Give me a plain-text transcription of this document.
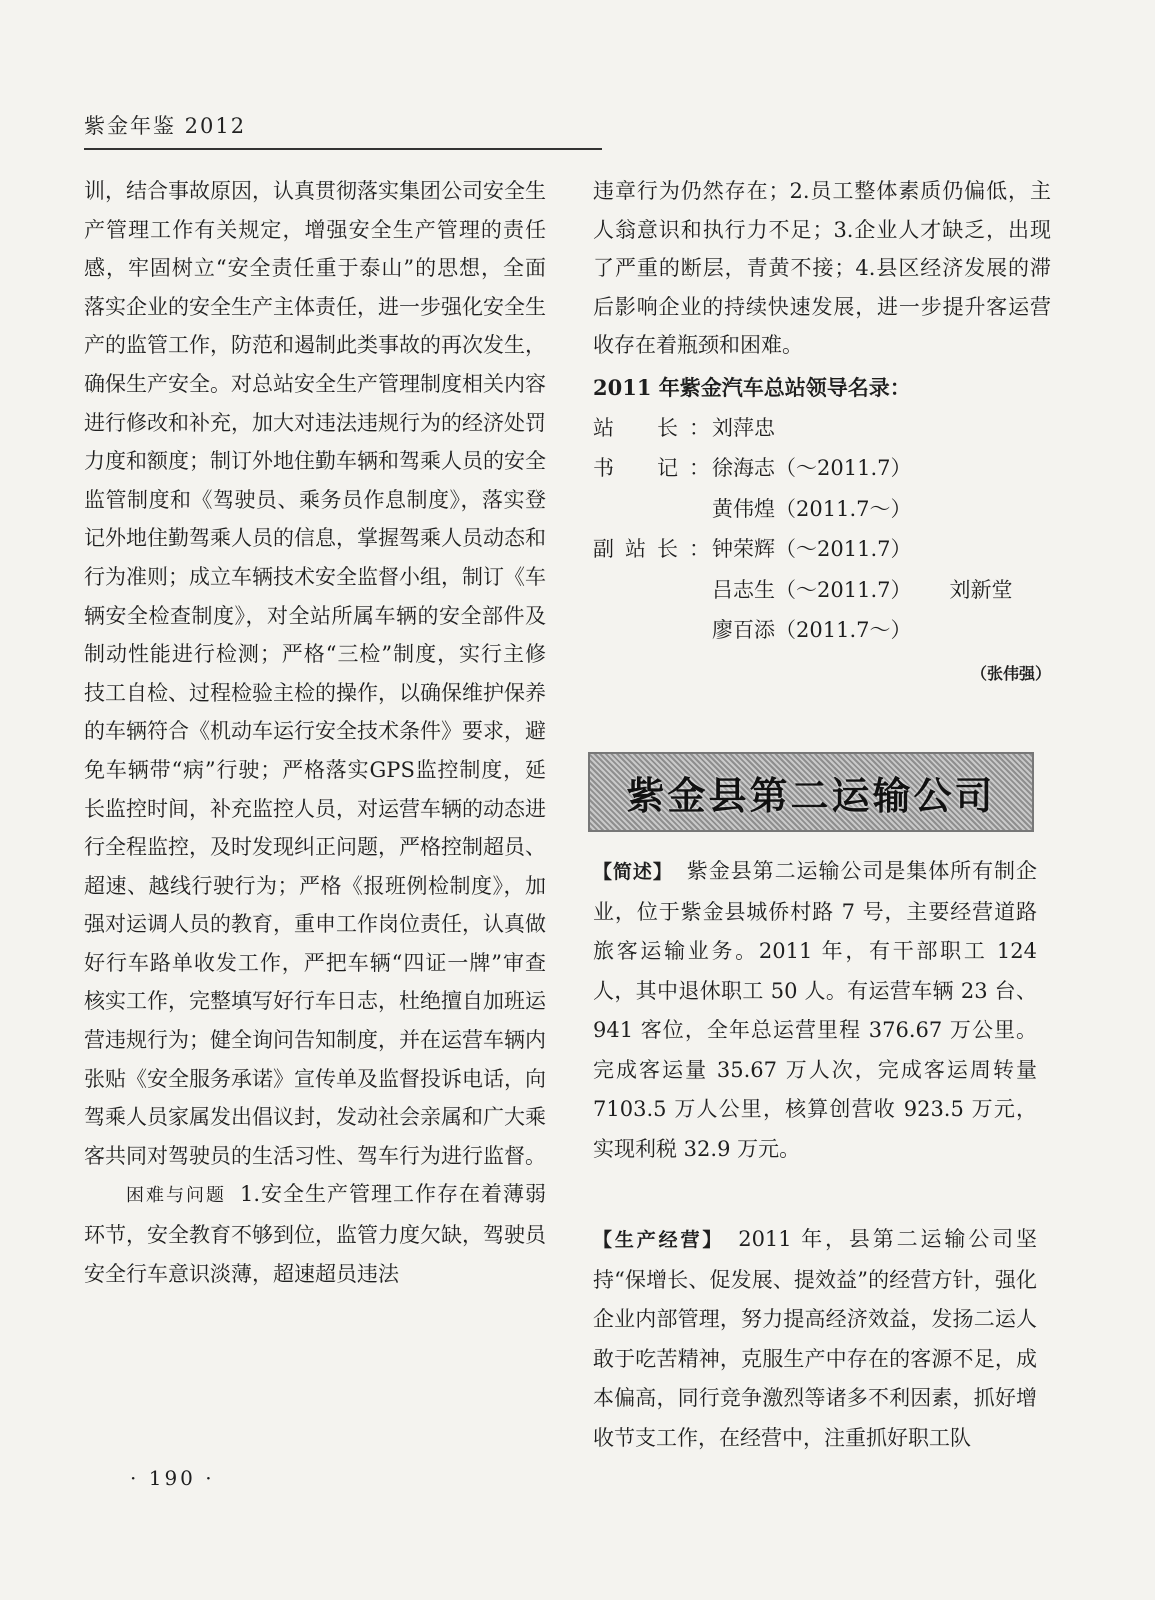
紫金年鉴 2012

训，结合事故原因，认真贯彻落实集团公司安全生产管理工作有关规定，增强安全生产管理的责任感，牢固树立“安全责任重于泰山”的思想，全面落实企业的安全生产主体责任，进一步强化安全生产的监管工作，防范和遏制此类事故的再次发生，确保生产安全。对总站安全生产管理制度相关内容进行修改和补充，加大对违法违规行为的经济处罚力度和额度；制订外地住勤车辆和驾乘人员的安全监管制度和《驾驶员、乘务员作息制度》，落实登记外地住勤驾乘人员的信息，掌握驾乘人员动态和行为准则；成立车辆技术安全监督小组，制订《车辆安全检查制度》，对全站所属车辆的安全部件及制动性能进行检测；严格“三检”制度，实行主修技工自检、过程检验主检的操作，以确保维护保养的车辆符合《机动车运行安全技术条件》要求，避免车辆带“病”行驶；严格落实GPS监控制度，延长监控时间，补充监控人员，对运营车辆的动态进行全程监控，及时发现纠正问题，严格控制超员、超速、越线行驶行为；严格《报班例检制度》，加强对运调人员的教育，重申工作岗位责任，认真做好行车路单收发工作，严把车辆“四证一牌”审查核实工作，完整填写好行车日志，杜绝擅自加班运营违规行为；健全询问告知制度，并在运营车辆内张贴《安全服务承诺》宣传单及监督投诉电话，向驾乘人员家属发出倡议封，发动社会亲属和广大乘客共同对驾驶员的生活习性、驾车行为进行监督。

困难与问题 1.安全生产管理工作存在着薄弱环节，安全教育不够到位，监管力度欠缺，驾驶员安全行车意识淡薄，超速超员违法

违章行为仍然存在；2.员工整体素质仍偏低，主人翁意识和执行力不足；3.企业人才缺乏，出现了严重的断层，青黄不接；4.县区经济发展的滞后影响企业的持续快速发展，进一步提升客运营收存在着瓶颈和困难。

2011 年紫金汽车总站领导名录：

站　长： 刘萍忠
书　记： 徐海志（～2011.7）
黄伟煌（2011.7～）
副站长： 钟荣辉（～2011.7）
吕志生（～2011.7） 刘新堂
廖百添（2011.7～）

（张伟强）

紫金县第二运输公司

【简述】 紫金县第二运输公司是集体所有制企业，位于紫金县城侨村路 7 号，主要经营道路旅客运输业务。2011 年，有干部职工 124 人，其中退休职工 50 人。有运营车辆 23 台、941 客位，全年总运营里程 376.67 万公里。完成客运量 35.67 万人次，完成客运周转量 7103.5 万人公里，核算创营收 923.5 万元，实现利税 32.9 万元。

【生产经营】 2011 年，县第二运输公司坚持“保增长、促发展、提效益”的经营方针，强化企业内部管理，努力提高经济效益，发扬二运人敢于吃苦精神，克服生产中存在的客源不足，成本偏高，同行竞争激烈等诸多不利因素，抓好增收节支工作，在经营中，注重抓好职工队

· 190 ·
